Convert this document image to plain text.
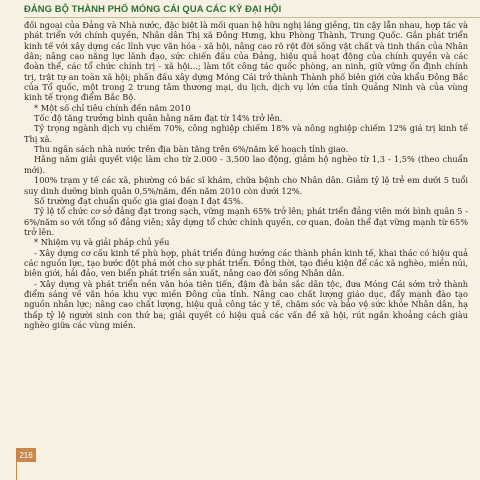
ĐẢNG BỘ THÀNH PHỐ MÓNG CÁI QUA CÁC KỲ ĐẠI HỘI

đối ngoại của Đảng và Nhà nước, đặc biệt là mối quan hệ hữu nghị láng giềng, tin cậy lẫn nhau, hợp tác và phát triển với chính quyền, Nhân dân Thị xã Đông Hưng, khu Phòng Thành, Trung Quốc. Gắn phát triển kinh tế với xây dựng các lĩnh vực văn hóa - xã hội, nâng cao rõ rệt đời sống vật chất và tinh thần của Nhân dân; nâng cao năng lực lãnh đạo, sức chiến đấu của Đảng, hiệu quả hoạt động của chính quyền và các đoàn thể, các tổ chức chính trị - xã hội...; làm tốt công tác quốc phòng, an ninh, giữ vững ổn định chính trị, trật tự an toàn xã hội; phấn đấu xây dựng Móng Cái trở thành Thành phố biên giới cửa khẩu Đông Bắc của Tổ quốc, một trong 2 trung tâm thương mại, du lịch, dịch vụ lớn của tỉnh Quảng Ninh và của vùng kinh tế trọng điểm Bắc Bộ.

* Một số chỉ tiêu chính đến năm 2010

Tốc độ tăng trưởng bình quân hằng năm đạt từ 14% trở lên.

Tỷ trọng ngành dịch vụ chiếm 70%, công nghiệp chiếm 18% và nông nghiệp chiếm 12% giá trị kinh tế Thị xã.

Thu ngân sách nhà nước trên địa bàn tăng trên 6%/năm kế hoạch tỉnh giao.

Hằng năm giải quyết việc làm cho từ 2.000 - 3.500 lao động, giảm hộ nghèo từ 1,3 - 1,5% (theo chuẩn mới).

100% trạm y tế các xã, phường có bác sĩ khám, chữa bệnh cho Nhân dân. Giảm tỷ lệ trẻ em dưới 5 tuổi suy dinh dưỡng bình quân 0,5%/năm, đến năm 2010 còn dưới 12%.

Số trường đạt chuẩn quốc gia giai đoạn I đạt 45%.

Tỷ lệ tổ chức cơ sở đảng đạt trong sạch, vững mạnh 65% trở lên; phát triển đảng viên mới bình quân 5 - 6%/năm so với tổng số đảng viên; xây dựng tổ chức chính quyền, cơ quan, đoàn thể đạt vững mạnh từ 65% trở lên.

* Nhiệm vụ và giải pháp chủ yếu

- Xây dựng cơ cấu kinh tế phù hợp, phát triển đúng hướng các thành phần kinh tế, khai thác có hiệu quả các nguồn lực, tạo bước đột phá mới cho sự phát triển. Đồng thời, tạo điều kiện để các xã nghèo, miền núi, biên giới, hải đảo, ven biển phát triển sản xuất, nâng cao đời sống Nhân dân.

- Xây dựng và phát triển nền văn hóa tiên tiến, đậm đà bản sắc dân tộc, đưa Móng Cái sớm trở thành điểm sáng về văn hóa khu vực miền Đông của tỉnh. Nâng cao chất lượng giáo dục, đẩy mạnh đào tạo nguồn nhân lực; nâng cao chất lượng, hiệu quả công tác y tế, chăm sóc và bảo vệ sức khỏe Nhân dân, hạ thấp tỷ lệ người sinh con thứ ba; giải quyết có hiệu quả các vấn đề xã hội, rút ngắn khoảng cách giàu nghèo giữa các vùng miền.

216
